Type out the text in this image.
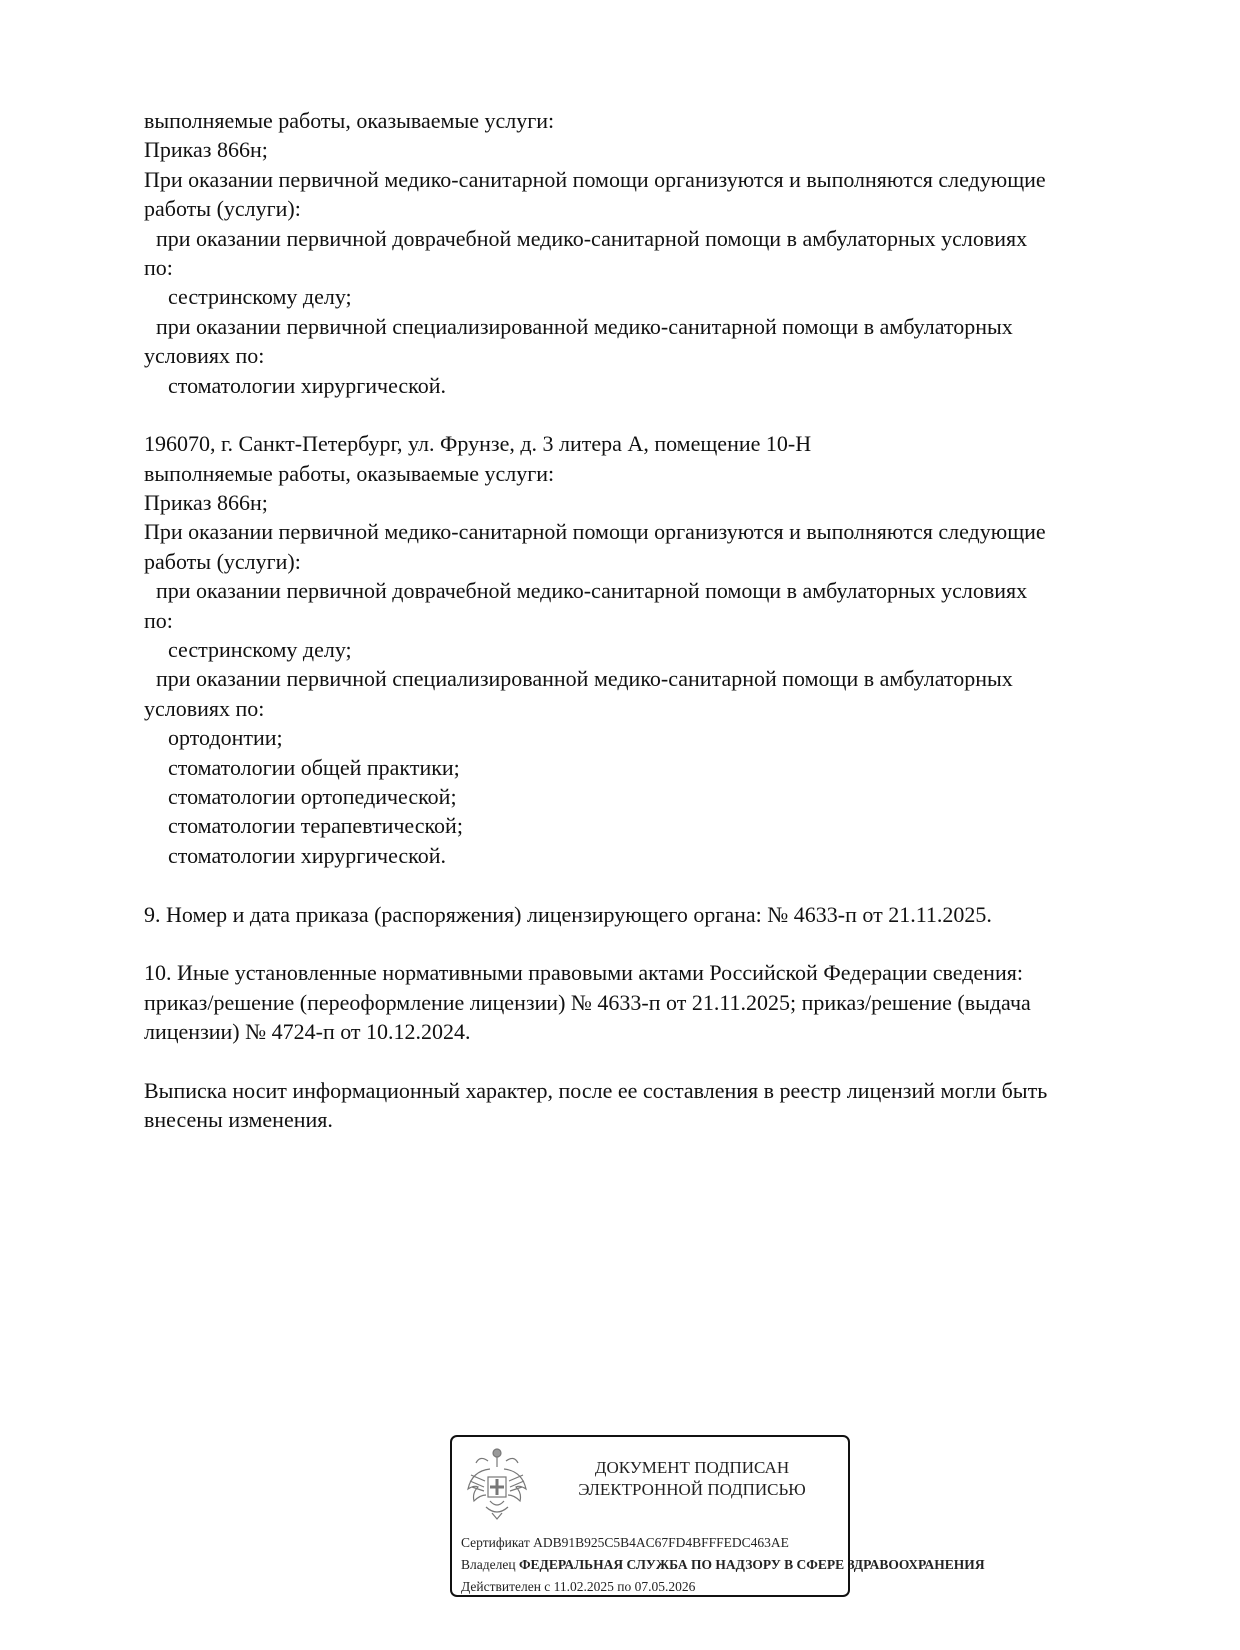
выполняемые работы, оказываемые услуги:
Приказ 866н;
При оказании первичной медико-санитарной помощи организуются и выполняются следующие
работы (услуги):
при оказании первичной доврачебной медико-санитарной помощи в амбулаторных условиях
по:
сестринскому делу;
при оказании первичной специализированной медико-санитарной помощи в амбулаторных
условиях по:
стоматологии хирургической.
196070, г. Санкт-Петербург, ул. Фрунзе, д. 3 литера А, помещение 10-Н
выполняемые работы, оказываемые услуги:
Приказ 866н;
При оказании первичной медико-санитарной помощи организуются и выполняются следующие
работы (услуги):
при оказании первичной доврачебной медико-санитарной помощи в амбулаторных условиях
по:
сестринскому делу;
при оказании первичной специализированной медико-санитарной помощи в амбулаторных
условиях по:
ортодонтии;
стоматологии общей практики;
стоматологии ортопедической;
стоматологии терапевтической;
стоматологии хирургической.
9. Номер и дата приказа (распоряжения) лицензирующего органа: № 4633-п от 21.11.2025.
10. Иные установленные нормативными правовыми актами Российской Федерации сведения:
приказ/решение (переоформление лицензии) № 4633-п от 21.11.2025; приказ/решение (выдача
лицензии) № 4724-п от 10.12.2024.
Выписка носит информационный характер, после ее составления в реестр лицензий могли быть
внесены изменения.
ДОКУМЕНТ ПОДПИСАН
ЭЛЕКТРОННОЙ ПОДПИСЬЮ
Сертификат ADB91B925C5B4AC67FD4BFFFEDC463AE
Владелец ФЕДЕРАЛЬНАЯ СЛУЖБА ПО НАДЗОРУ В СФЕРЕ ЗДРАВООХРАНЕНИЯ
Действителен с 11.02.2025 по 07.05.2026
